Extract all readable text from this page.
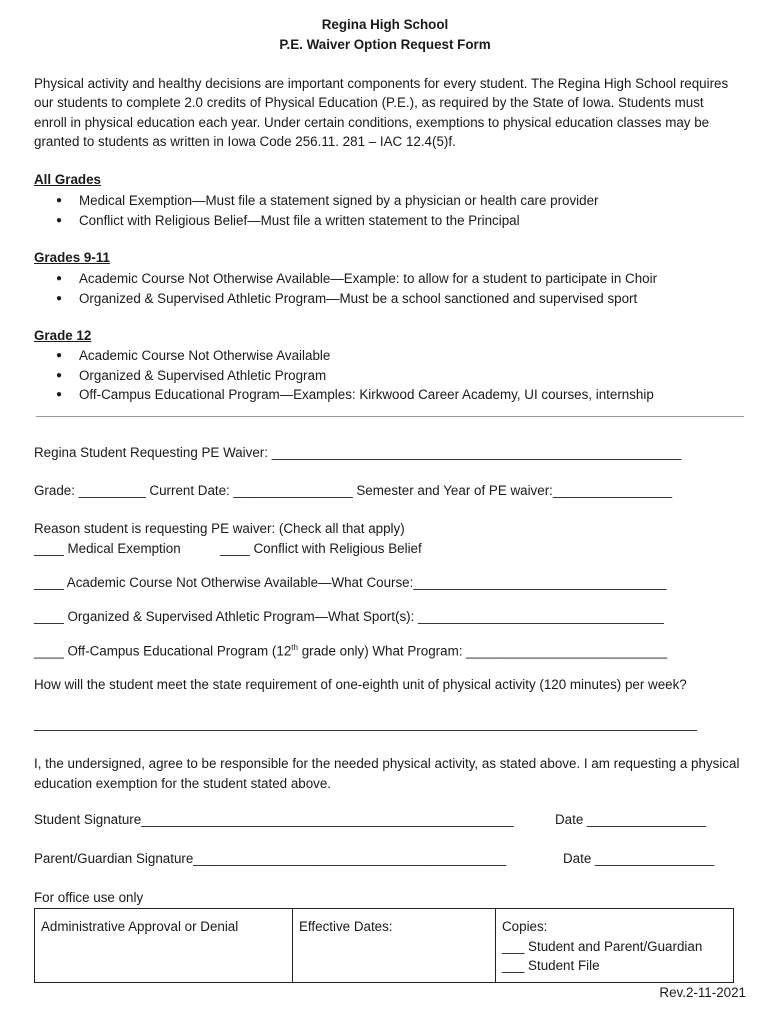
Regina High School
P.E. Waiver Option Request Form
Physical activity and healthy decisions are important components for every student. The Regina High School requires our students to complete 2.0 credits of Physical Education (P.E.), as required by the State of Iowa. Students must enroll in physical education each year. Under certain conditions, exemptions to physical education classes may be granted to students as written in Iowa Code 256.11. 281 – IAC 12.4(5)f.
All Grades
● Medical Exemption—Must file a statement signed by a physician or health care provider
● Conflict with Religious Belief—Must file a written statement to the Principal
Grades 9-11
● Academic Course Not Otherwise Available—Example: to allow for a student to participate in Choir
● Organized & Supervised Athletic Program—Must be a school sanctioned and supervised sport
Grade 12
● Academic Course Not Otherwise Available
● Organized & Supervised Athletic Program
● Off-Campus Educational Program—Examples: Kirkwood Career Academy, UI courses, internship
Regina Student Requesting PE Waiver: _______________________________________________________
Grade: _________ Current Date: ________________ Semester and Year of PE waiver:________________
Reason student is requesting PE waiver: (Check all that apply)
____ Medical Exemption	____ Conflict with Religious Belief
____ Academic Course Not Otherwise Available—What Course:__________________________________
____ Organized & Supervised Athletic Program—What Sport(s): _________________________________
____ Off-Campus Educational Program (12th grade only) What Program: ___________________________
How will the student meet the state requirement of one-eighth unit of physical activity (120 minutes) per week?
_________________________________________________________________________________________
I, the undersigned, agree to be responsible for the needed physical activity, as stated above. I am requesting a physical education exemption for the student stated above.
Student Signature__________________________________________________	Date ________________
Parent/Guardian Signature__________________________________________	Date ________________
For office use only
Administrative Approval or Denial	Effective Dates:	Copies:
___ Student and Parent/Guardian
___ Student File
Rev.2-11-2021
